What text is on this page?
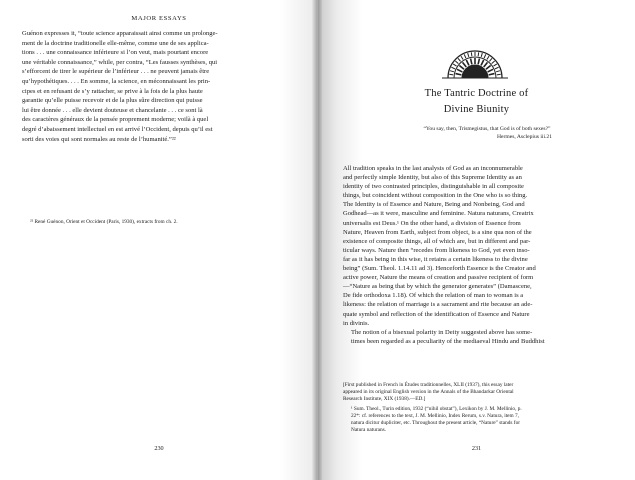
MAJOR ESSAYS

Guénon expresses it, “toute science apparaissait ainsi comme un prolonge-
ment de la doctrine traditionelle elle-même, comme une de ses applica-
tions . . . une connaissance inférieure si l’on veut, mais pourtant encore
une véritable connaissance,” while, per contra, “Les fausses synthèses, qui
s’efforcent de tirer le supérieur de l’inférieur . . . ne peuvent jamais être
qu’hypothétiques. . . . En somme, la science, en méconnaissant les prin-
cipes et en refusant de s’y rattacher, se prive à la fois de la plus haute
garantie qu’elle puisse recevoir et de la plus sûre direction qui puisse
lui être donnée . . . elle devient douteuse et chancelante . . . ce sont là
des caractères généraux de la pensée proprement moderne; voilà à quel
degré d’abaissement intellectuel en est arrivé l’Occident, depuis qu’il est
sorti des voies qui sont normales au reste de l’humanité.”²²

²² René Guénon, Orient et Occident (Paris, 1930), extracts from ch. 2.
230
The Tantric Doctrine of
Divine Biunity
“You say, then, Trismegistus, that God is of both sexes?”
Hermes, Asclepius iii.21

All tradition speaks in the last analysis of God as an inconnumerable
and perfectly simple Identity, but also of this Supreme Identity as an
identity of two contrasted principles, distinguishable in all composite
things, but coincident without composition in the One who is so thing.
The Identity is of Essence and Nature, Being and Nonbeing, God and
Godhead—as it were, masculine and feminine. Natura naturans, Creatrix
universalis est Deus.¹ On the other hand, a division of Essence from
Nature, Heaven from Earth, subject from object, is a sine qua non of the
existence of composite things, all of which are, but in different and par-
ticular ways. Nature then “recedes from likeness to God, yet even inso-
far as it has being in this wise, it retains a certain likeness to the divine
being” (Sum. Theol. 1.14.11 ad 3). Henceforth Essence is the Creator and
active power, Nature the means of creation and passive recipient of form
—“Nature as being that by which the generator generates” (Damascene,
De fide orthodoxa 1.18). Of which the relation of man to woman is a
likeness: the relation of marriage is a sacrament and rite because an ade-
quate symbol and reflection of the identification of Essence and Nature
in divinis.

The notion of a bisexual polarity in Deity suggested above has some-
times been regarded as a peculiarity of the mediaeval Hindu and Buddhist

[First published in French in Études traditionnelles, XLII (1937), this essay later
appeared in its original English version in the Annals of the Bhandarkar Oriental
Research Institute, XIX (1938).—ED.]

¹ Sum. Theol., Turin edition, 1932 (“nihil obstat”), Lexikon by J. M. Mellinio, p.
22*: cf. references to the text, J. M. Mellinio, Index Rerum, s.v. Natura, item 7,
natura dicitur dupliciter, etc. Throughout the present article, “Nature” stands for
Natura naturans.

231
